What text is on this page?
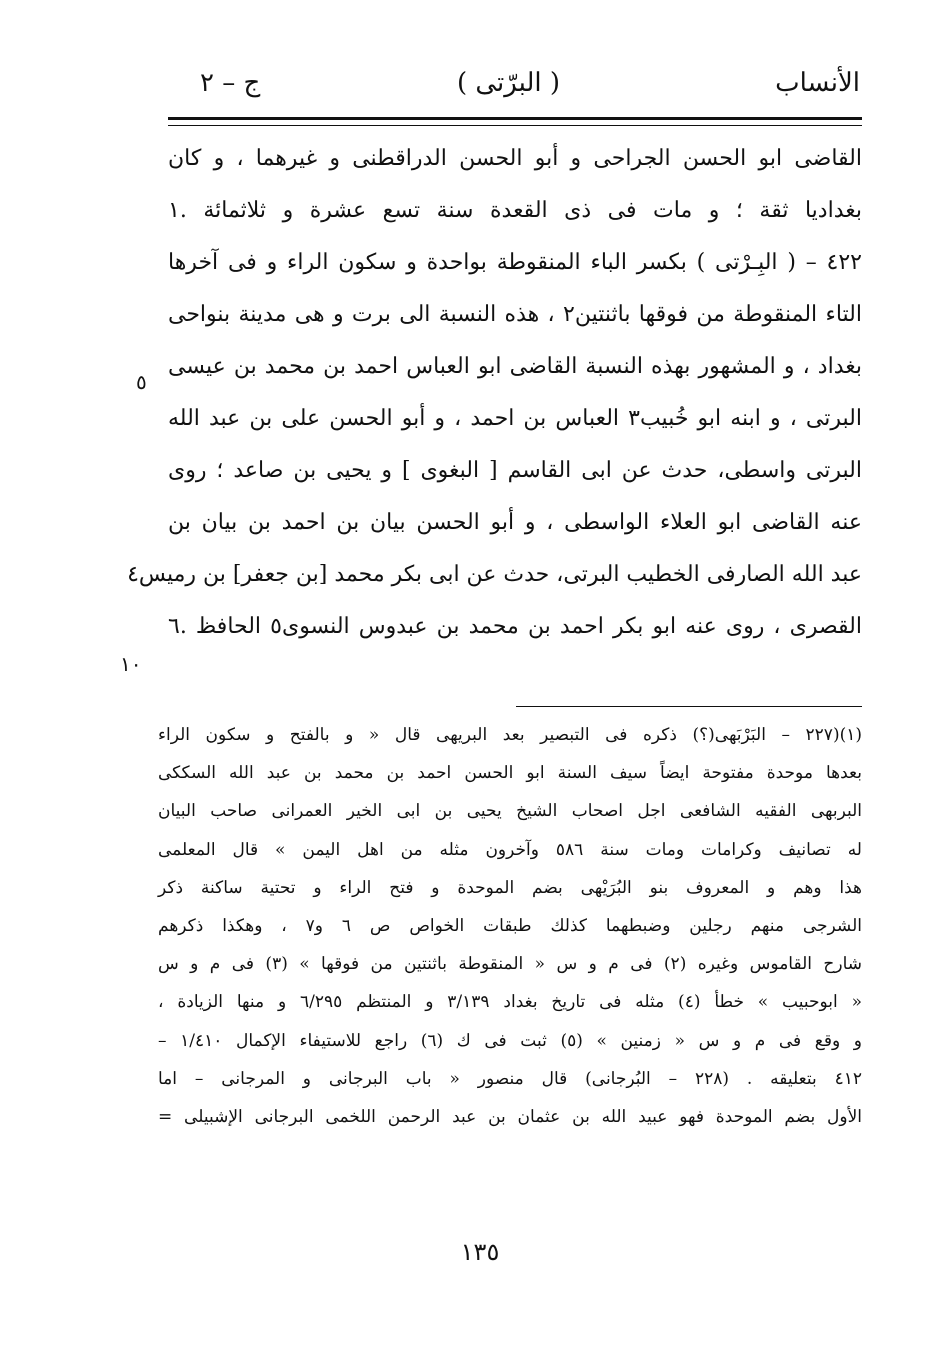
الأنساب
( البرّتى )
ج – ٢
القاضى ابو الحسن الجراحى و أبو الحسن الدراقطنى و غيرهما ، و كان
بغداديا ثقة ؛ و مات فى ذى القعدة سنة تسع عشرة و ثلاثمائة .١
٤٢٢ – ( البِـرْتى ) بكسر الباء المنقوطة بواحدة و سكون الراء و فى آخرها
التاء المنقوطة من فوقها باثنتين٢ ، هذه النسبة الى برت و هى مدينة بنواحى
بغداد ، و المشهور بهذه النسبة القاضى ابو العباس احمد بن محمد بن عيسى
البرتى ، و ابنه ابو خُبيب٣ العباس بن احمد ، و أبو الحسن على بن عبد الله
البرتى واسطى، حدث عن ابى القاسم [ البغوى ] و يحيى بن صاعد ؛ روى
عنه القاضى ابو العلاء الواسطى ، و أبو الحسن بيان بن احمد بن بيان بن
عبد الله الصارفى الخطيب البرتى، حدث عن ابى بكر محمد [بن جعفر] بن رميس٤
القصرى ، روى عنه ابو بكر احمد بن محمد بن عبدوس النسوى٥ الحافظ .٦
٥
١٠
(١)(٢٢٧ – البَرْبَهى(؟) ذكره فى التبصير بعد البريهى قال « و بالفتح و سكون الراء
بعدها موحدة مفتوحة ايضاً سيف السنة ابو الحسن احمد بن محمد بن عبد الله السككى
البربهى الفقيه الشافعى اجل اصحاب الشيخ يحيى بن ابى الخير العمرانى صاحب البيان
له تصانيف وكرامات ومات سنة ٥٨٦ وآخرون مثله من اهل اليمن » قال المعلمى
هذا وهم و المعروف بنو البُرَيْهى بضم الموحدة و فتح الراء و تحتية ساكنة ذكر
الشرجى منهم رجلين وضبطهما كذلك طبقات الخواص ص ٦ و٧ ، وهكذا ذكرهم
شارح القاموس وغيره (٢) فى م و س « المنقوطة باثنتين من فوقها » (٣) فى م و س
« ابوحبيب » خطأ (٤) مثله فى تاريخ بغداد ٣/١٣٩ و المنتظم ٦/٢٩٥ و منها الزيادة ،
و وقع فى م و س « زمنين » (٥) ثبت فى ك (٦) راجع للاستيفاء الإكمال ١/٤١٠ –
٤١٢ بتعليقه . (٢٢٨ – البُرجانى) قال منصور « باب البرجانى و المرجانى – اما
الأول بضم الموحدة فهو عبيد الله بن عثمان بن عبد الرحمن اللخمى البرجانى الإشبيلى =
١٣٥
